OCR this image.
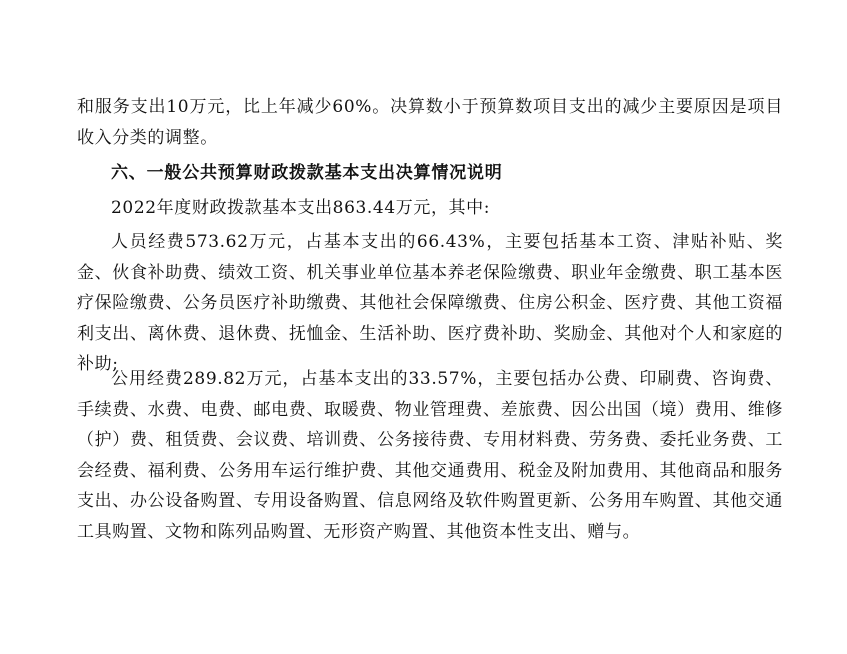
和服务支出10万元，比上年减少60%。决算数小于预算数项目支出的减少主要原因是项目收入分类的调整。

六、一般公共预算财政拨款基本支出决算情况说明

2022年度财政拨款基本支出863.44万元，其中:

人员经费573.62万元，占基本支出的66.43%，主要包括基本工资、津贴补贴、奖金、伙食补助费、绩效工资、机关事业单位基本养老保险缴费、职业年金缴费、职工基本医疗保险缴费、公务员医疗补助缴费、其他社会保障缴费、住房公积金、医疗费、其他工资福利支出、离休费、退休费、抚恤金、生活补助、医疗费补助、奖励金、其他对个人和家庭的补助;

公用经费289.82万元，占基本支出的33.57%，主要包括办公费、印刷费、咨询费、手续费、水费、电费、邮电费、取暖费、物业管理费、差旅费、因公出国（境）费用、维修（护）费、租赁费、会议费、培训费、公务接待费、专用材料费、劳务费、委托业务费、工会经费、福利费、公务用车运行维护费、其他交通费用、税金及附加费用、其他商品和服务支出、办公设备购置、专用设备购置、信息网络及软件购置更新、公务用车购置、其他交通工具购置、文物和陈列品购置、无形资产购置、其他资本性支出、赠与。
